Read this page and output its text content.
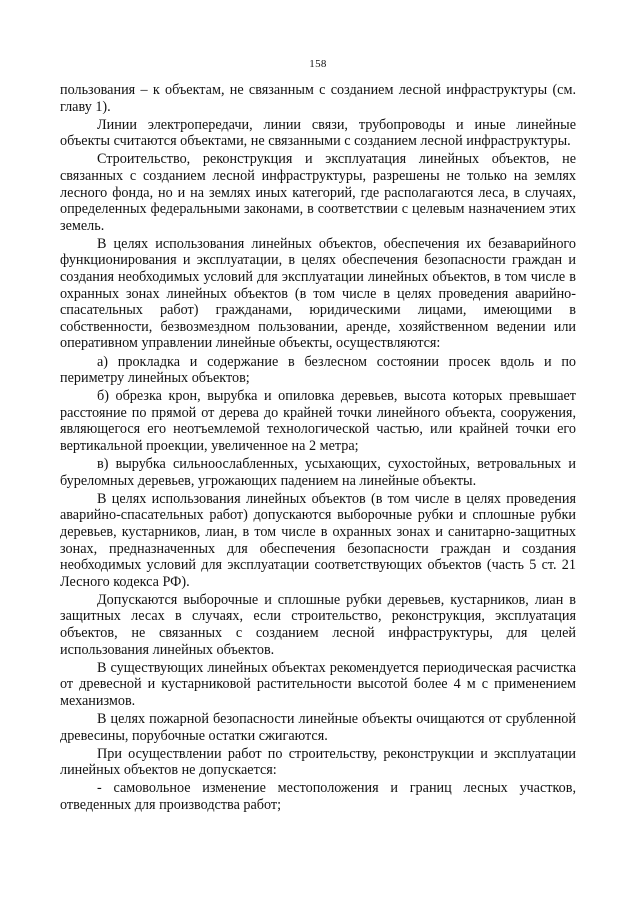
158

пользования – к объектам, не связанным с созданием лесной инфраструктуры (см. главу 1).

Линии электропередачи, линии связи, трубопроводы и иные линейные объекты считаются объектами, не связанными с созданием лесной инфраструктуры.

Строительство, реконструкция и эксплуатация линейных объектов, не связанных с созданием лесной инфраструктуры, разрешены не только на землях лесного фонда, но и на землях иных категорий, где располагаются леса, в случаях, определенных федеральными законами, в соответствии с целевым назначением этих земель.

В целях использования линейных объектов, обеспечения их безаварийного функционирования и эксплуатации, в целях обеспечения безопасности граждан и создания необходимых условий для эксплуатации линейных объектов, в том числе в охранных зонах линейных объектов (в том числе в целях проведения аварийно-спасательных работ) гражданами, юридическими лицами, имеющими в собственности, безвозмездном пользовании, аренде, хозяйственном ведении или оперативном управлении линейные объекты, осуществляются:

а) прокладка и содержание в безлесном состоянии просек вдоль и по периметру линейных объектов;

б) обрезка крон, вырубка и опиловка деревьев, высота которых превышает расстояние по прямой от дерева до крайней точки линейного объекта, сооружения, являющегося его неотъемлемой технологической частью, или крайней точки его вертикальной проекции, увеличенное на 2 метра;

в) вырубка сильноослабленных, усыхающих, сухостойных, ветровальных и буреломных деревьев, угрожающих падением на линейные объекты.

В целях использования линейных объектов (в том числе в целях проведения аварийно-спасательных работ) допускаются выборочные рубки и сплошные рубки деревьев, кустарников, лиан, в том числе в охранных зонах и санитарно-защитных зонах, предназначенных для обеспечения безопасности граждан и создания необходимых условий для эксплуатации соответствующих объектов (часть 5 ст. 21 Лесного кодекса РФ).

Допускаются выборочные и сплошные рубки деревьев, кустарников, лиан в защитных лесах в случаях, если строительство, реконструкция, эксплуатация объектов, не связанных с созданием лесной инфраструктуры, для целей использования линейных объектов.

В существующих линейных объектах рекомендуется периодическая расчистка от древесной и кустарниковой растительности высотой более 4 м с применением механизмов.

В целях пожарной безопасности линейные объекты очищаются от срубленной древесины, порубочные остатки сжигаются.

При осуществлении работ по строительству, реконструкции и эксплуатации линейных объектов не допускается:

- самовольное изменение местоположения и границ лесных участков, отведенных для производства работ;
